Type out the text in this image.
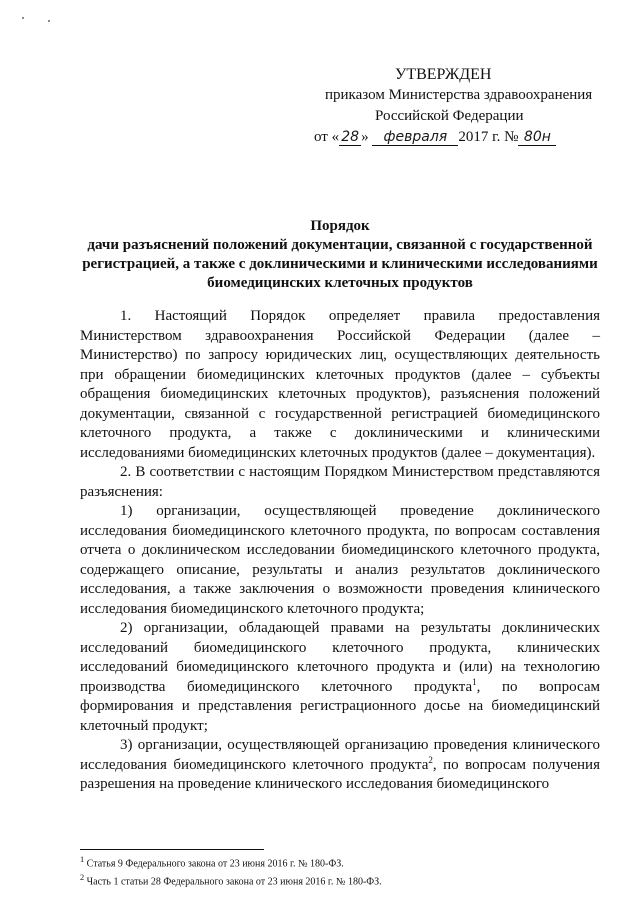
УТВЕРЖДЕН
приказом Министерства здравоохранения
Российской Федерации
от « 28 » февраля 2017 г. № 80н
Порядок
дачи разъяснений положений документации, связанной с государственной
регистрацией, а также с доклиническими и клиническими исследованиями
биомедицинских клеточных продуктов

1. Настоящий Порядок определяет правила предоставления Министерством здравоохранения Российской Федерации (далее – Министерство) по запросу юридических лиц, осуществляющих деятельность при обращении биомедицинских клеточных продуктов (далее – субъекты обращения биомедицинских клеточных продуктов), разъяснения положений документации, связанной с государственной регистрацией биомедицинского клеточного продукта, а также с доклиническими и клиническими исследованиями биомедицинских клеточных продуктов (далее – документация).

2. В соответствии с настоящим Порядком Министерством представляются разъяснения:

1) организации, осуществляющей проведение доклинического исследования биомедицинского клеточного продукта, по вопросам составления отчета о доклиническом исследовании биомедицинского клеточного продукта, содержащего описание, результаты и анализ результатов доклинического исследования, а также заключения о возможности проведения клинического исследования биомедицинского клеточного продукта;

2) организации, обладающей правами на результаты доклинических исследований биомедицинского клеточного продукта, клинических исследований биомедицинского клеточного продукта и (или) на технологию производства биомедицинского клеточного продукта$^1$, по вопросам формирования и представления регистрационного досье на биомедицинский клеточный продукт;

3) организации, осуществляющей организацию проведения клинического исследования биомедицинского клеточного продукта$^2$, по вопросам получения разрешения на проведение клинического исследования биомедицинского

$^1$ Статья 9 Федерального закона от 23 июня 2016 г. № 180-ФЗ.
$^2$ Часть 1 статьи 28 Федерального закона от 23 июня 2016 г. № 180-ФЗ.
